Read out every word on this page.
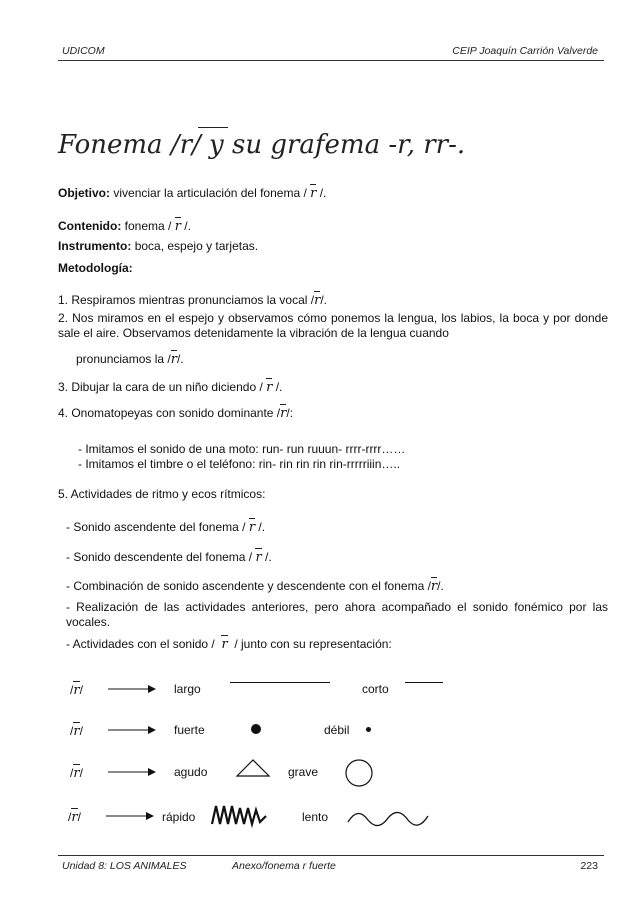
UDICOM	CEIP Joaquín Carrión Valverde
Fonema /r/ y su grafema -r, rr-.
Objetivo: vivenciar la articulación del fonema / r /.
Contenido: fonema / r /.
Instrumento: boca, espejo y tarjetas.
Metodología:
1. Respiramos mientras pronunciamos la vocal /r/.
2. Nos miramos en el espejo y observamos cómo ponemos la lengua, los labios, la boca y por donde sale el aire. Observamos detenidamente la vibración de la lengua cuando
pronunciamos la /r/.
3. Dibujar la cara de un niño diciendo / r /.
4. Onomatopeyas con sonido dominante /r/:
- Imitamos el sonido de una moto: run- run ruuun- rrrr-rrrr……
- Imitamos el timbre o el teléfono: rin- rin rin rin rin-rrrrriiin…..
5. Actividades de ritmo y ecos rítmicos:
- Sonido ascendente del fonema / r /.
- Sonido descendente del fonema / r /.
- Combinación de sonido ascendente y descendente con el fonema /r/.
- Realización de las actividades anteriores, pero ahora acompañado el sonido fonémico por las vocales.
- Actividades con el sonido / r / junto con su representación:
/r/	largo	corto
/r/	fuerte	débil
/r/	agudo	grave
/r/	rápido	lento
Unidad 8: LOS ANIMALES	Anexo/fonema r fuerte	223
